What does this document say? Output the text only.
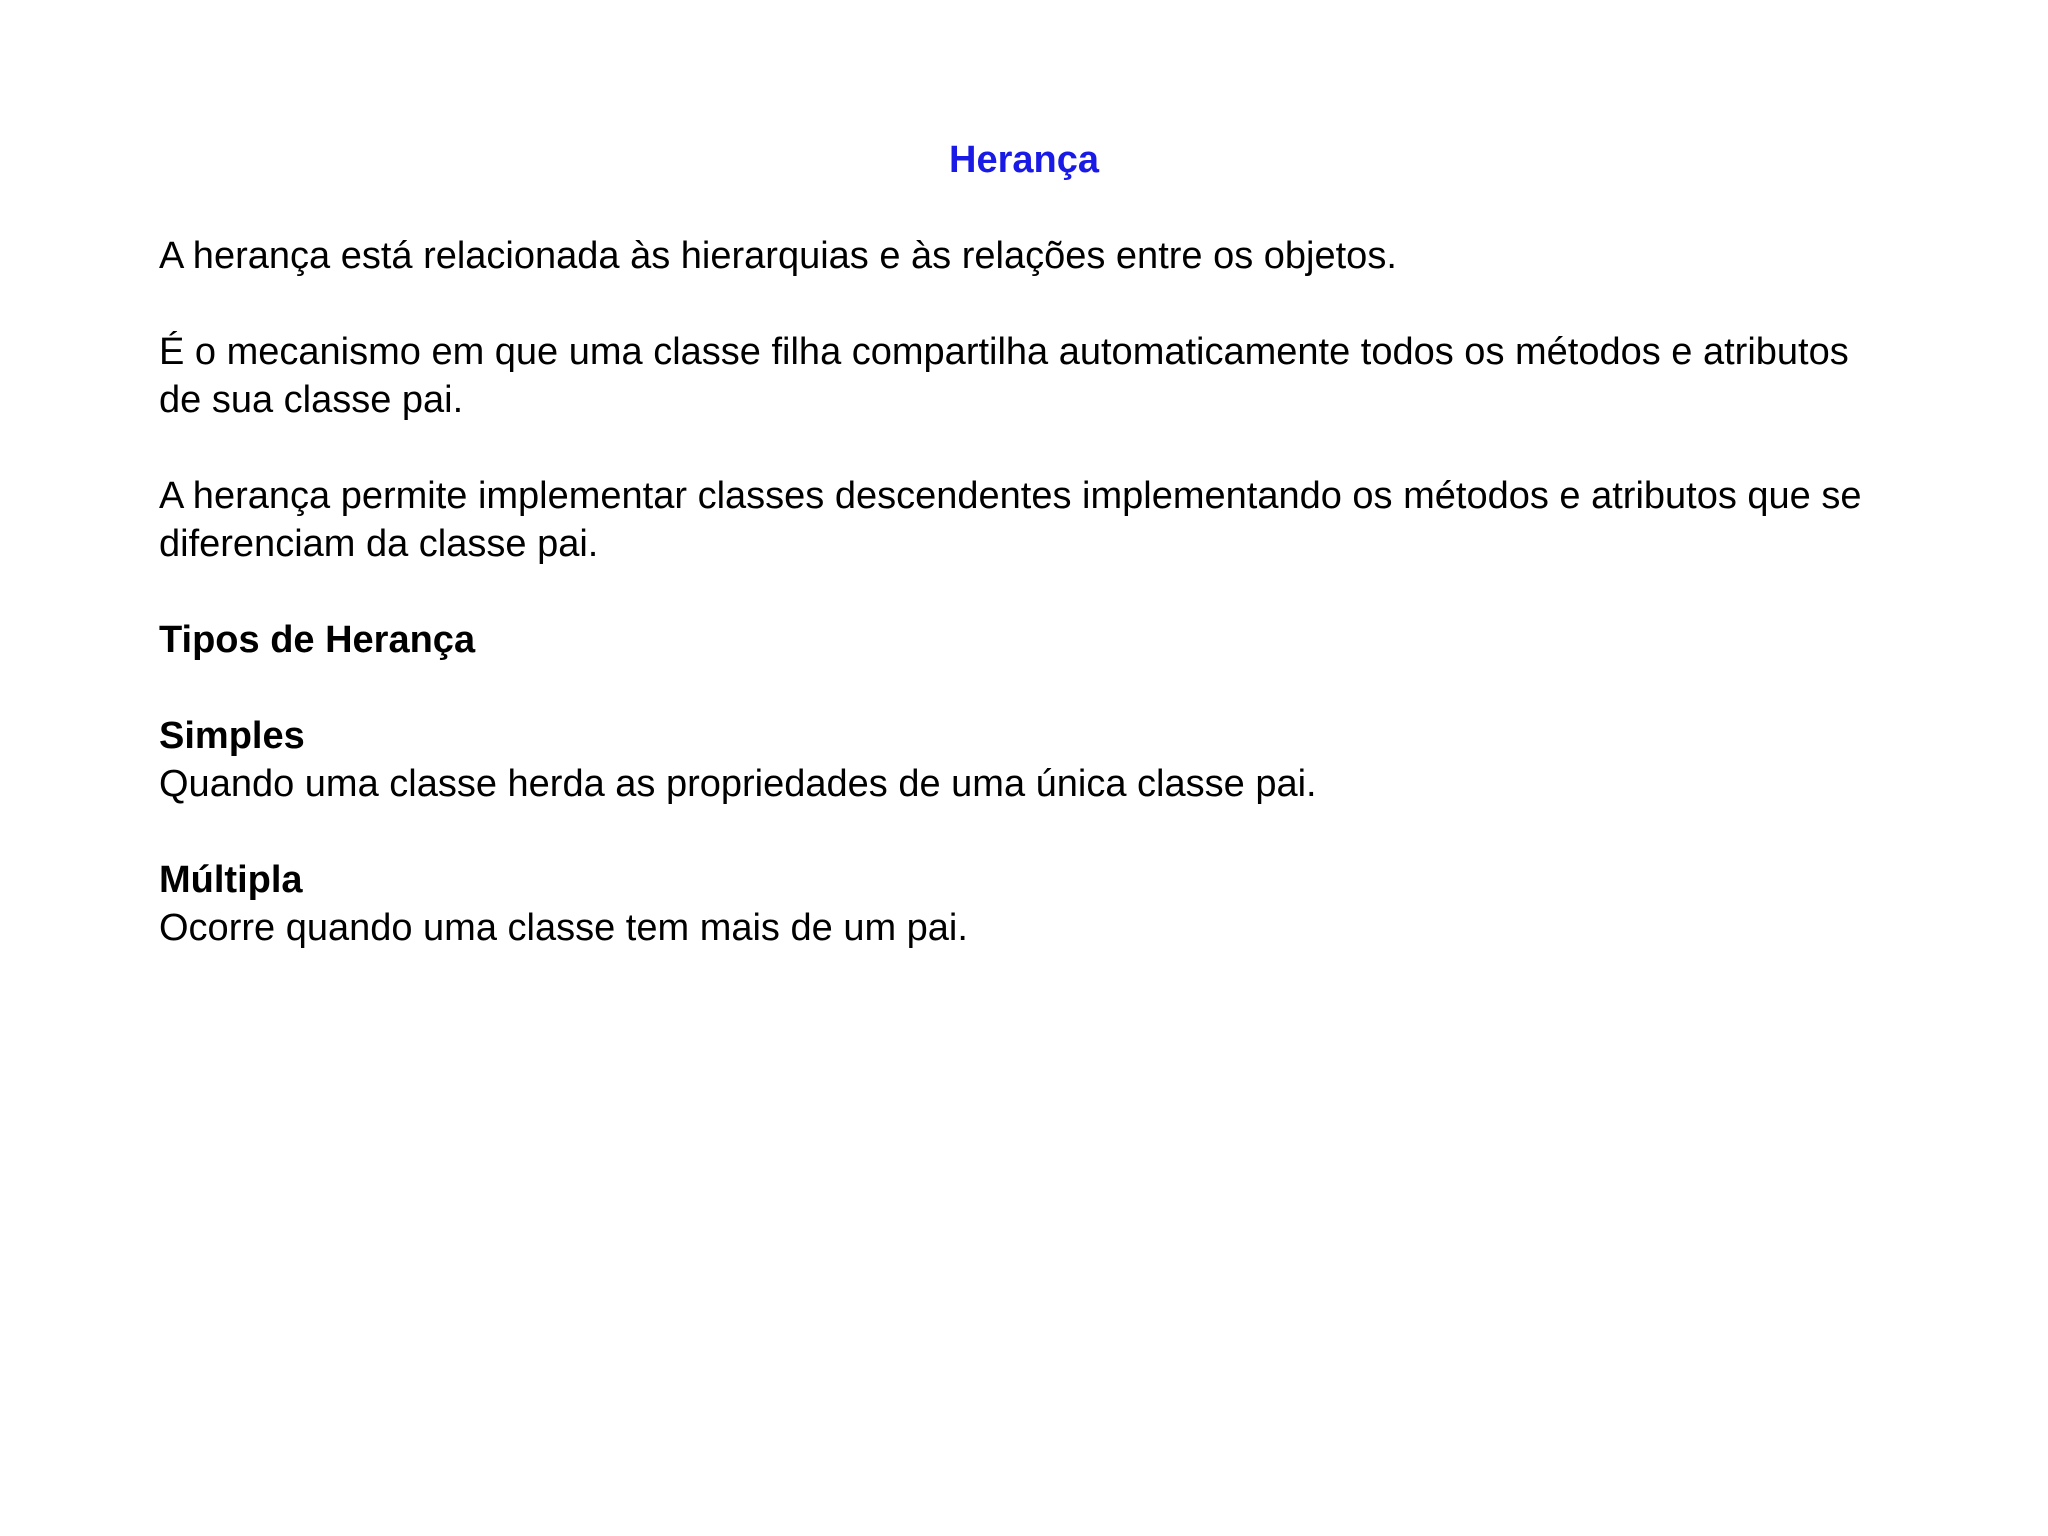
Herança

A herança está relacionada às hierarquias e às relações entre os objetos.

É o mecanismo em que uma classe filha compartilha automaticamente todos os métodos e atributos de sua classe pai.

A herança permite implementar classes descendentes implementando os métodos e atributos que se diferenciam da classe pai.

Tipos de Herança

Simples

Quando uma classe herda as propriedades de uma única classe pai.

Múltipla

Ocorre quando uma classe tem mais de um pai.
